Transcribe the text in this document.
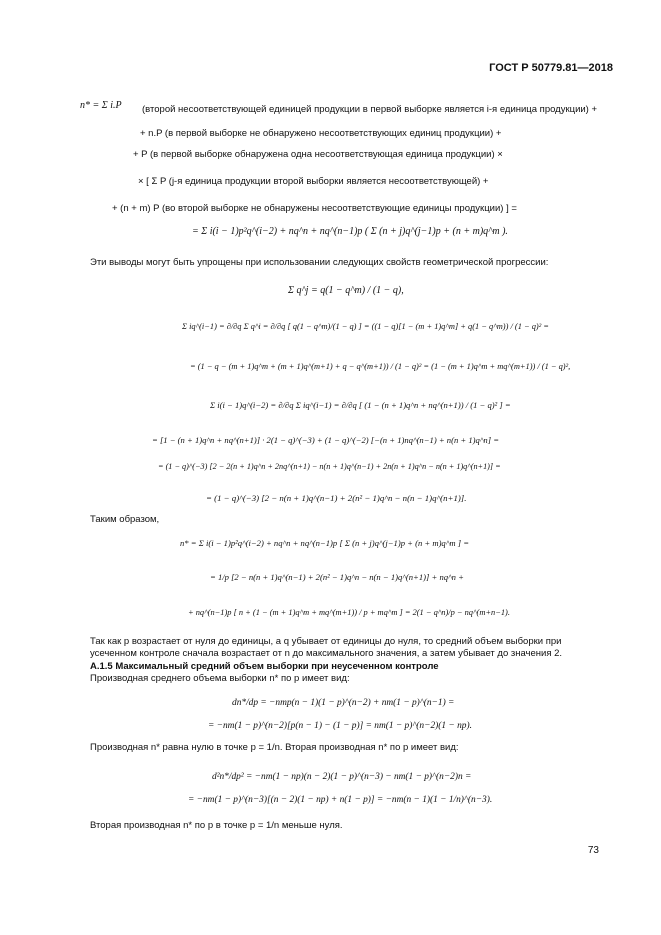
ГОСТ Р 50779.81—2018
n* = Σ i.P (второй несоответствующей единицей продукции в первой выборке является i-я единица продукции) +
+ n.P (в первой выборке не обнаружено несоответствующих единиц продукции) +
+ P (в первой выборке обнаружена одна несоответствующая единица продукции) ×
× [ Σ P (j-я единица продукции второй выборки является несоответствующей) +
+ (n + m) P (во второй выборке не обнаружены несоответствующие единицы продукции) ] =
= Σ i(i − 1)p²q^(i−2) + nq^n + nq^(n−1)p ( Σ (n + j)q^(j−1)p + (n + m)q^m ).
Эти выводы могут быть упрощены при использовании следующих свойств геометрической прогрессии:
Σ q^j = q(1 − q^m) / (1 − q),
Σ iq^(i−1) = ∂/∂q Σ q^i = ∂/∂q [ q(1 − q^m)/(1 − q) ] = ((1 − q)[1 − (m + 1)q^m] + q(1 − q^m)) / (1 − q)² =
= (1 − q − (m + 1)q^m + (m + 1)q^(m+1) + q − q^(m+1)) / (1 − q)² = (1 − (m + 1)q^m + mq^(m+1)) / (1 − q)²,
Σ i(i − 1)q^(i−2) = ∂/∂q Σ iq^(i−1) = ∂/∂q [ (1 − (n + 1)q^n + nq^(n+1)) / (1 − q)² ] =
= [1 − (n + 1)q^n + nq^(n+1)] · 2(1 − q)^(−3) + (1 − q)^(−2) [−(n + 1)nq^(n−1) + n(n + 1)q^n] =
= (1 − q)^(−3) [2 − 2(n + 1)q^n + 2nq^(n+1) − n(n + 1)q^(n−1) + 2n(n + 1)q^n − n(n + 1)q^(n+1)] =
= (1 − q)^(−3) [2 − n(n + 1)q^(n−1) + 2(n² − 1)q^n − n(n − 1)q^(n+1)].
Таким образом,
n* = Σ i(i − 1)p²q^(i−2) + nq^n + nq^(n−1)p [ Σ (n + j)q^(j−1)p + (n + m)q^m ] =
= 1/p [2 − n(n + 1)q^(n−1) + 2(n² − 1)q^n − n(n − 1)q^(n+1)] + nq^n +
+ nq^(n−1)p [ n + (1 − (m + 1)q^m + mq^(m+1)) / p + mq^m ] = 2(1 − q^n)/p − nq^(m+n−1).
Так как p возрастает от нуля до единицы, а q убывает от единицы до нуля, то средний объем выборки при усеченном контроле сначала возрастает от n до максимального значения, а затем убывает до значения 2.
А.1.5 Максимальный средний объем выборки при неусеченном контроле
Производная среднего объема выборки n* по p имеет вид:
dn*/dp = −nmp(n − 1)(1 − p)^(n−2) + nm(1 − p)^(n−1) =
= −nm(1 − p)^(n−2)[p(n − 1) − (1 − p)] = nm(1 − p)^(n−2)(1 − np).
Производная n* равна нулю в точке p = 1/n. Вторая производная n* по p имеет вид:
d²n*/dp² = −nm(1 − np)(n − 2)(1 − p)^(n−3) − nm(1 − p)^(n−2)n =
= −nm(1 − p)^(n−3)[(n − 2)(1 − np) + n(1 − p)] = −nm(n − 1)(1 − 1/n)^(n−3).
Вторая производная n* по p в точке p = 1/n меньше нуля.
73
